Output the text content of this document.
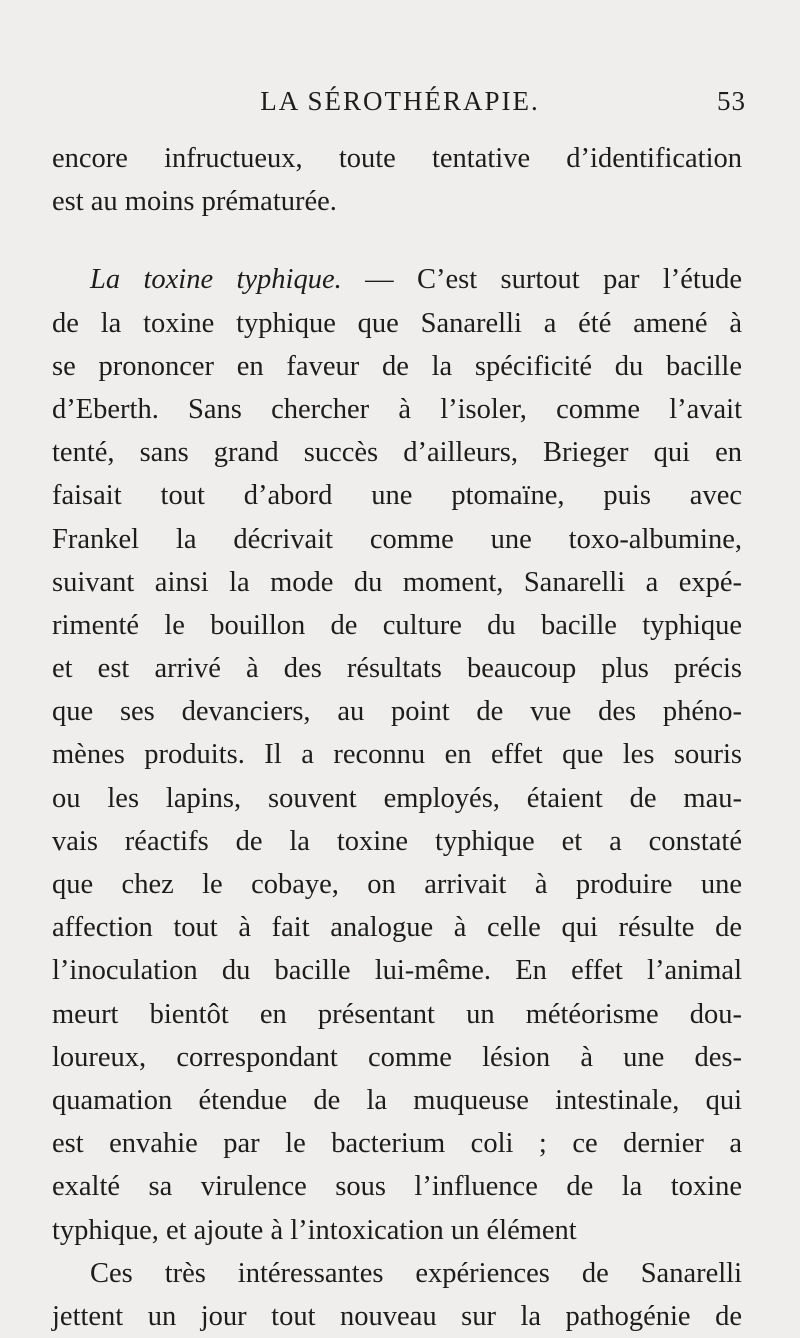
LA SÉROTHÉRAPIE.	53
encore infructueux, toute tentative d’identification
est au moins prématurée.
La toxine typhique. — C’est surtout par l’étude
de la toxine typhique que Sanarelli a été amené à
se prononcer en faveur de la spécificité du bacille
d’Eberth. Sans chercher à l’isoler, comme l’avait
tenté, sans grand succès d’ailleurs, Brieger qui en
faisait tout d’abord une ptomaïne, puis avec
Frankel la décrivait comme une toxo-albumine,
suivant ainsi la mode du moment, Sanarelli a expé-
rimenté le bouillon de culture du bacille typhique
et est arrivé à des résultats beaucoup plus précis
que ses devanciers, au point de vue des phéno-
mènes produits. Il a reconnu en effet que les souris
ou les lapins, souvent employés, étaient de mau-
vais réactifs de la toxine typhique et a constaté
que chez le cobaye, on arrivait à produire une
affection tout à fait analogue à celle qui résulte de
l’inoculation du bacille lui-même. En effet l’animal
meurt bientôt en présentant un météorisme dou-
loureux, correspondant comme lésion à une des-
quamation étendue de la muqueuse intestinale, qui
est envahie par le bacterium coli ; ce dernier a
exalté sa virulence sous l’influence de la toxine
typhique, et ajoute à l’intoxication un élément
Ces très intéressantes expériences de Sanarelli
jettent un jour tout nouveau sur la pathogénie de
